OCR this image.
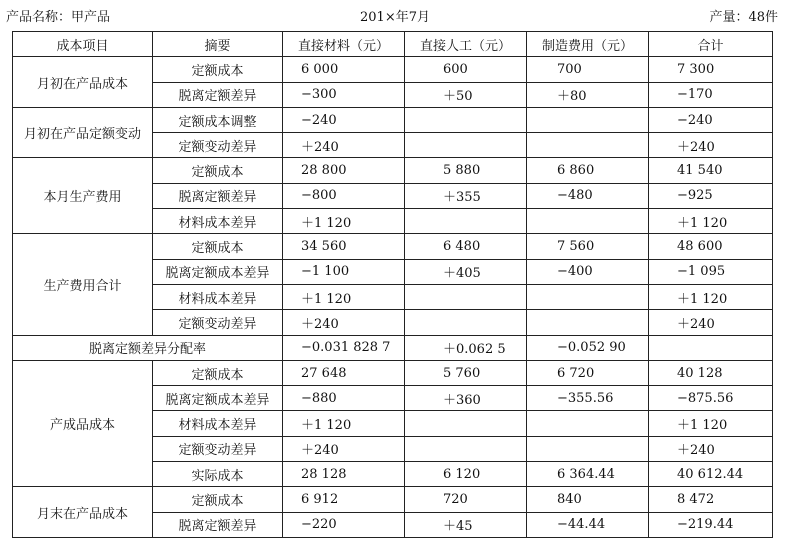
产品名称：甲产品	201×年7月	产量：48件
成本项目	摘要	直接材料（元）	直接人工（元）	制造费用（元）	合计
月初在产品成本	定额成本	6 000	600	700	7 300
	脱离定额差异	−300	＋50	＋80	−170
月初在产品定额变动	定额成本调整	−240			−240
	定额变动差异	＋240			＋240
本月生产费用	定额成本	28 800	5 880	6 860	41 540
	脱离定额差异	−800	＋355	−480	−925
	材料成本差异	＋1 120			＋1 120
生产费用合计	定额成本	34 560	6 480	7 560	48 600
	脱离定额成本差异	−1 100	＋405	−400	−1 095
	材料成本差异	＋1 120			＋1 120
	定额变动差异	＋240			＋240
脱离定额差异分配率		−0.031 828 7	＋0.062 5	−0.052 90	
产成品成本	定额成本	27 648	5 760	6 720	40 128
	脱离定额成本差异	−880	＋360	−355.56	−875.56
	材料成本差异	＋1 120			＋1 120
	定额变动差异	＋240			＋240
	实际成本	28 128	6 120	6 364.44	40 612.44
月末在产品成本	定额成本	6 912	720	840	8 472
	脱离定额差异	−220	＋45	−44.44	−219.44
